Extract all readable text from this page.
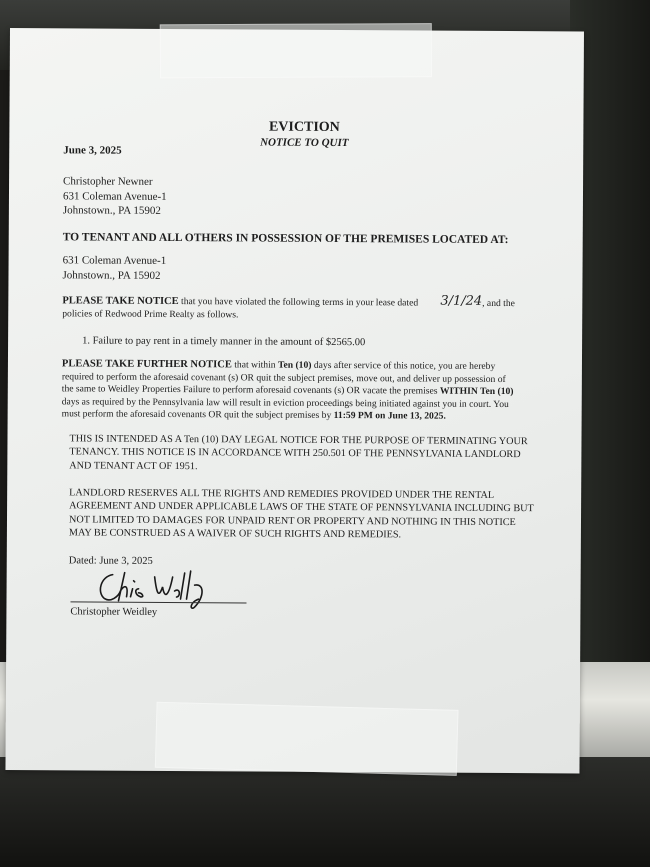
EVICTION
NOTICE TO QUIT
June 3, 2025
Christopher Newner
631 Coleman Avenue-1
Johnstown., PA 15902
TO TENANT AND ALL OTHERS IN POSSESSION OF THE PREMISES LOCATED AT:
631 Coleman Avenue-1
Johnstown., PA 15902
PLEASE TAKE NOTICE that you have violated the following terms in your lease dated	, and the
policies of Redwood Prime Realty as follows.
3/1/24
1. Failure to pay rent in a timely manner in the amount of $2565.00
PLEASE TAKE FURTHER NOTICE that within Ten (10) days after service of this notice, you are hereby
required to perform the aforesaid covenant (s) OR quit the subject premises, move out, and deliver up possession of
the same to Weidley Properties Failure to perform aforesaid covenants (s) OR vacate the premises WITHIN Ten (10)
days as required by the Pennsylvania law will result in eviction proceedings being initiated against you in court. You
must perform the aforesaid covenants OR quit the subject premises by 11:59 PM on June 13, 2025.
THIS IS INTENDED AS A Ten (10) DAY LEGAL NOTICE FOR THE PURPOSE OF TERMINATING YOUR
TENANCY. THIS NOTICE IS IN ACCORDANCE WITH 250.501 OF THE PENNSYLVANIA LANDLORD
AND TENANT ACT OF 1951.
LANDLORD RESERVES ALL THE RIGHTS AND REMEDIES PROVIDED UNDER THE RENTAL
AGREEMENT AND UNDER APPLICABLE LAWS OF THE STATE OF PENNSYLVANIA INCLUDING BUT
NOT LIMITED TO DAMAGES FOR UNPAID RENT OR PROPERTY AND NOTHING IN THIS NOTICE
MAY BE CONSTRUED AS A WAIVER OF SUCH RIGHTS AND REMEDIES.
Dated: June 3, 2025
Christopher Weidley
